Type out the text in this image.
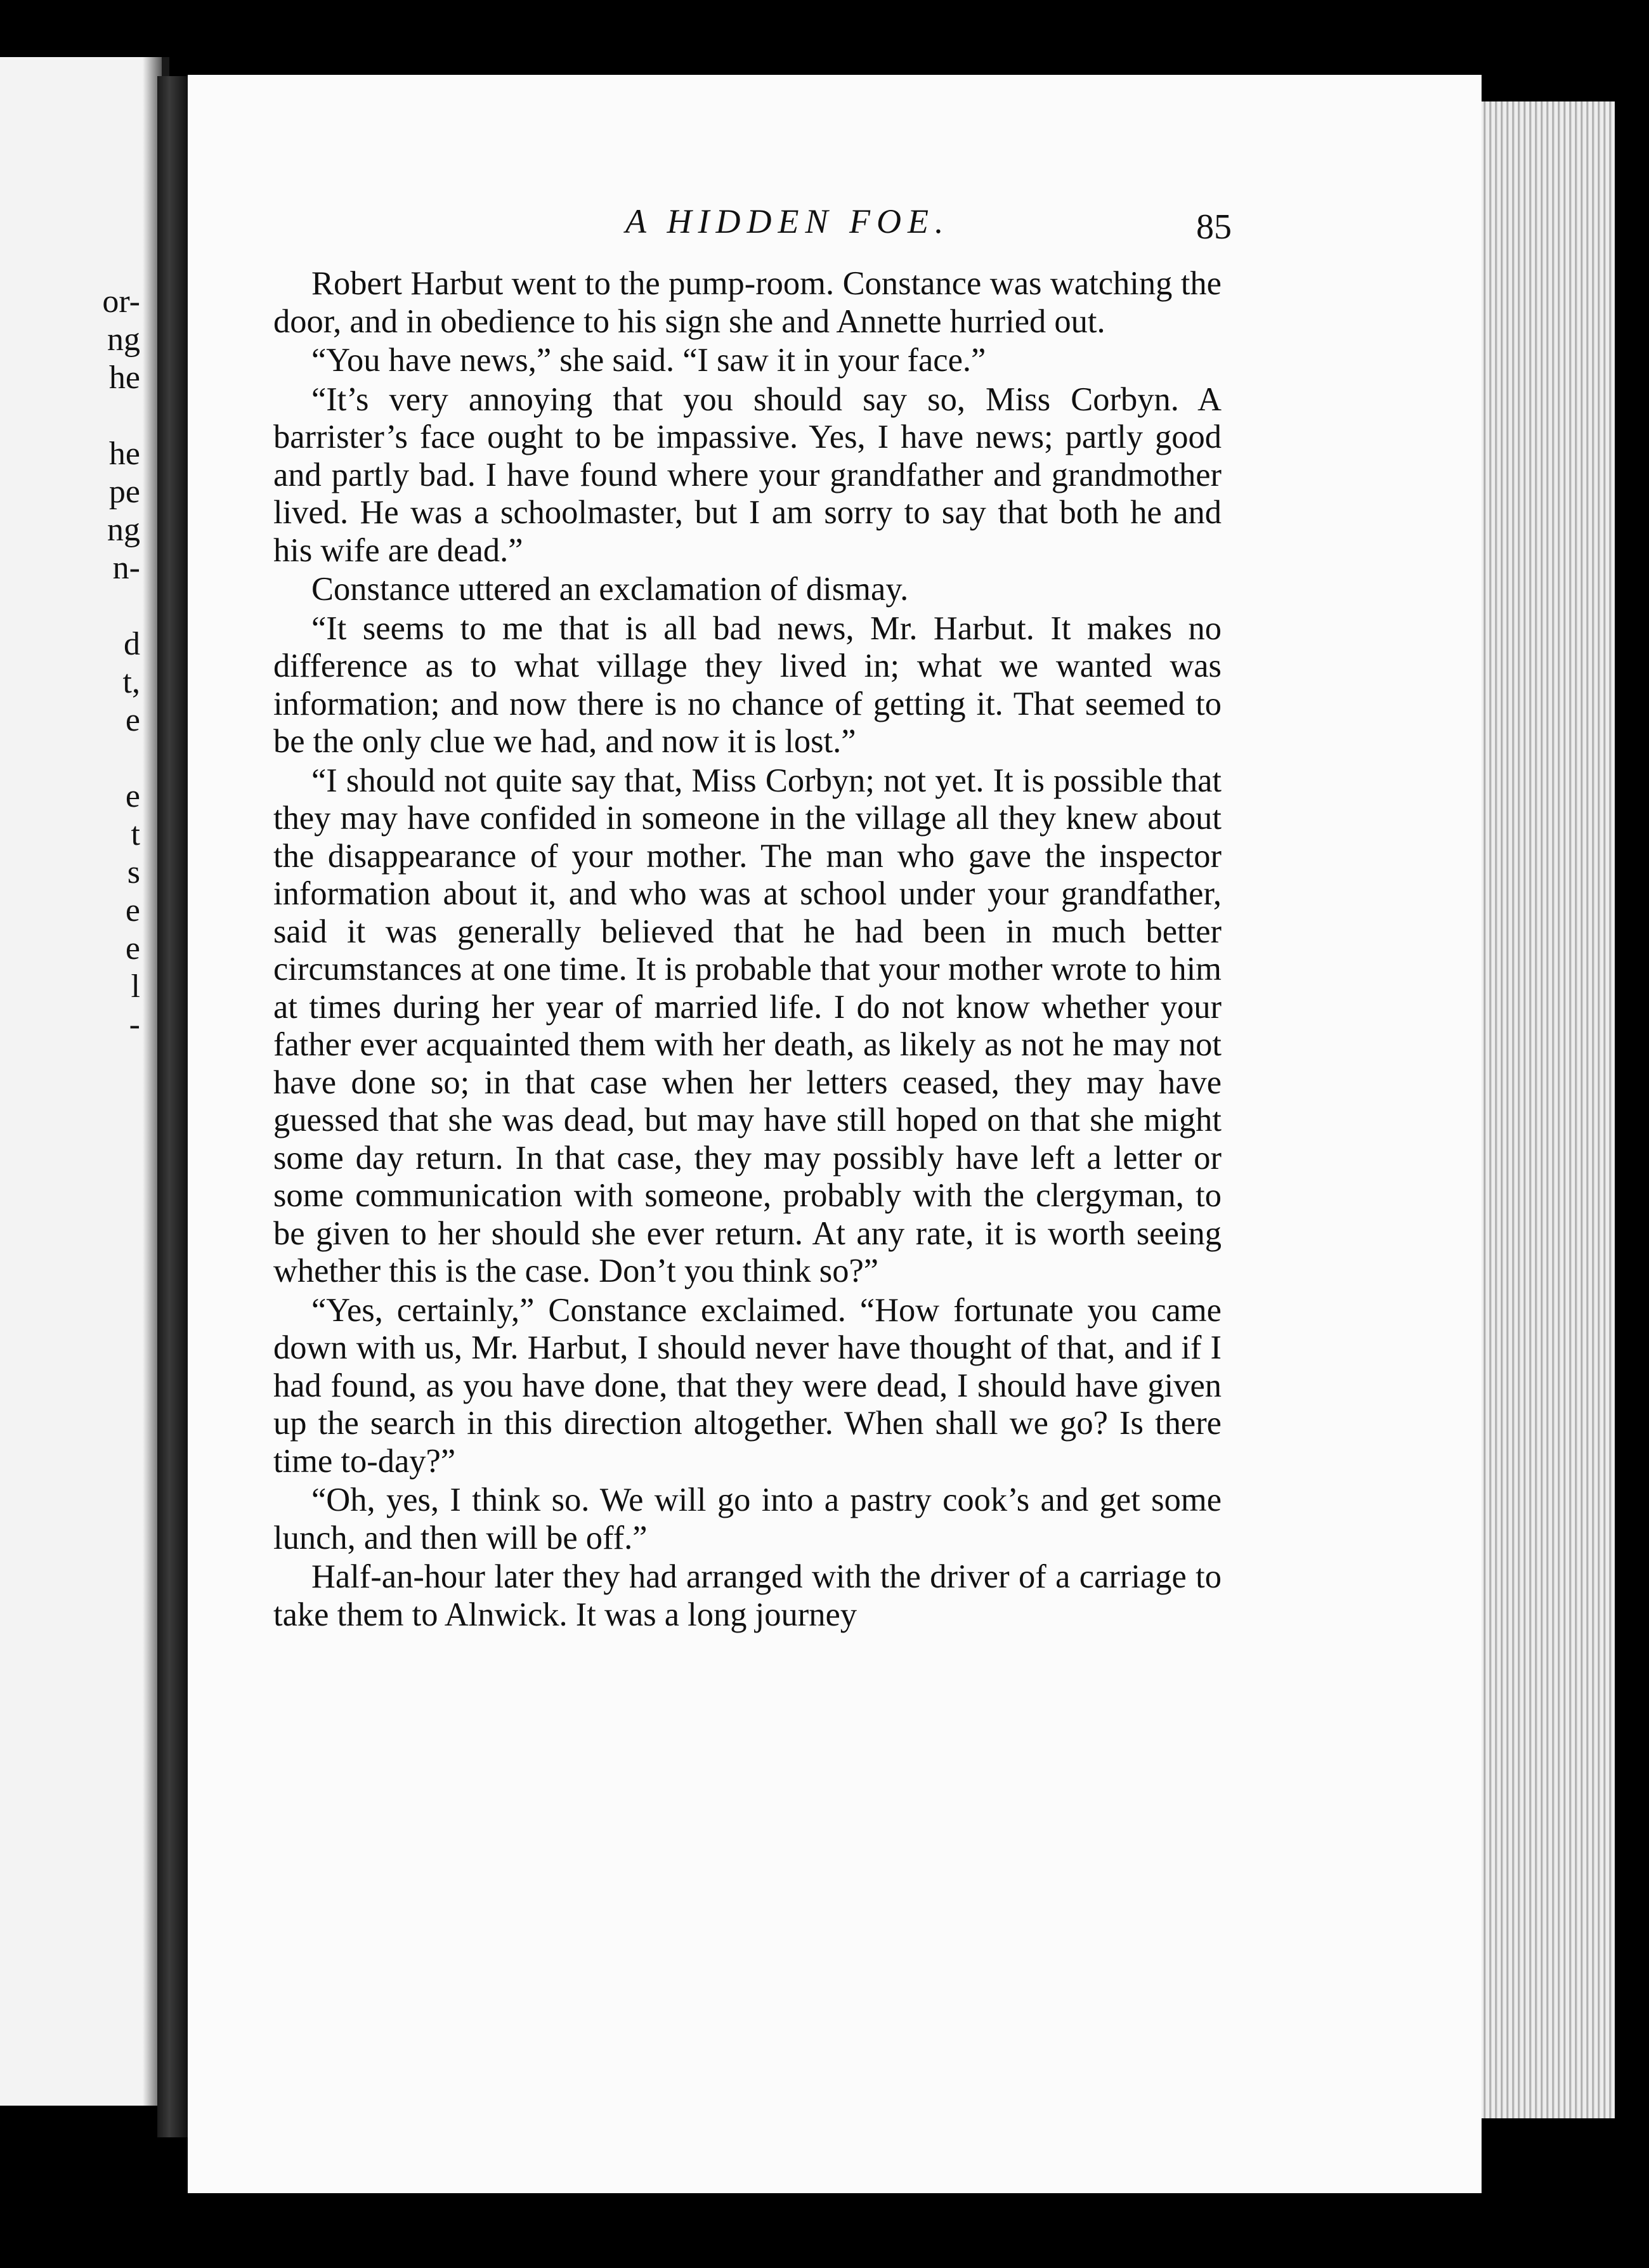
or-
ng
he
he
pe
ng
n-
d
t,
e
e
t
s
e
e
l
-
A HIDDEN FOE.	85

Robert Harbut went to the pump-room. Constance was watching the door, and in obedience to his sign she and Annette hurried out.

“You have news,” she said. “I saw it in your face.”

“It’s very annoying that you should say so, Miss Corbyn. A barrister’s face ought to be impassive. Yes, I have news; partly good and partly bad. I have found where your grandfather and grandmother lived. He was a schoolmaster, but I am sorry to say that both he and his wife are dead.”

Constance uttered an exclamation of dismay.

“It seems to me that is all bad news, Mr. Harbut. It makes no difference as to what village they lived in; what we wanted was information; and now there is no chance of getting it. That seemed to be the only clue we had, and now it is lost.”

“I should not quite say that, Miss Corbyn; not yet. It is possible that they may have confided in someone in the village all they knew about the disappearance of your mother. The man who gave the inspector information about it, and who was at school under your grandfather, said it was generally believed that he had been in much better circumstances at one time. It is probable that your mother wrote to him at times during her year of married life. I do not know whether your father ever acquainted them with her death, as likely as not he may not have done so; in that case when her letters ceased, they may have guessed that she was dead, but may have still hoped on that she might some day return. In that case, they may possibly have left a letter or some communication with someone, probably with the clergyman, to be given to her should she ever return. At any rate, it is worth seeing whether this is the case. Don’t you think so?”

“Yes, certainly,” Constance exclaimed. “How fortunate you came down with us, Mr. Harbut, I should never have thought of that, and if I had found, as you have done, that they were dead, I should have given up the search in this direction altogether. When shall we go? Is there time to-day?”

“Oh, yes, I think so. We will go into a pastry cook’s and get some lunch, and then will be off.”

Half-an-hour later they had arranged with the driver of a carriage to take them to Alnwick. It was a long journey
